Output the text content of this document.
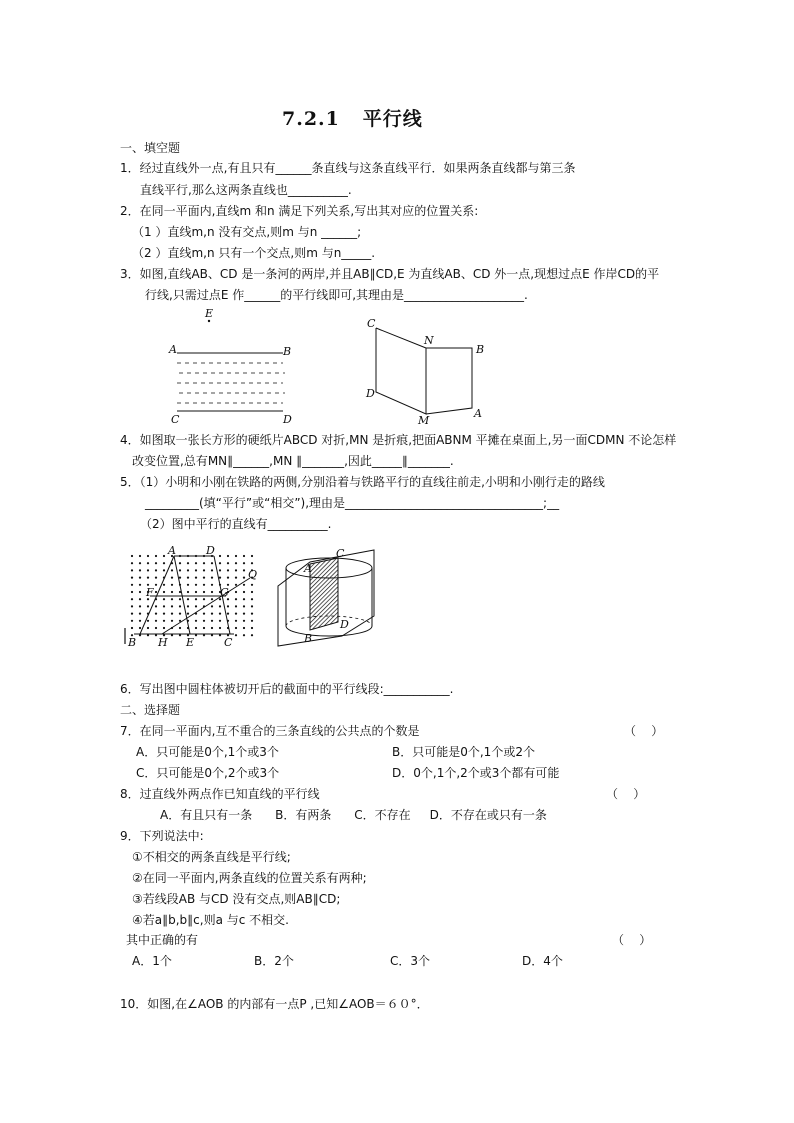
7.2.1   平行线
一、填空题
1．经过直线外一点,有且只有______条直线与这条直线平行．如果两条直线都与第三条
直线平行,那么这两条直线也__________.
2．在同一平面内,直线m 和n 满足下列关系,写出其对应的位置关系:
（1 ）直线m,n 没有交点,则m 与n ______;
（2 ）直线m,n 只有一个交点,则m 与n_____.
3．如图,直线AB、CD 是一条河的两岸,并且AB∥CD,E 为直线AB、CD 外一点,现想过点E 作岸CD的平
行线,只需过点E 作______的平行线即可,其理由是____________________.
E
A	B
C	D
C
N
B
D
M
A
4．如图取一张长方形的硬纸片ABCD 对折,MN 是折痕,把面ABNM 平摊在桌面上,另一面CDMN 不论怎样
改变位置,总有MN∥______,MN ∥_______,因此_____∥_______.
5．（1）小明和小刚在铁路的两侧,分别沿着与铁路平行的直线往前走,小明和小刚行走的路线
_________(填“平行”或“相交”),理由是_________________________________;__
（2）图中平行的直线有__________.
A	D
Q
F	G
B H E	C
A
C
B
D
6．写出图中圆柱体被切开后的截面中的平行线段:___________.
二、选择题
7．在同一平面内,互不重合的三条直线的公共点的个数是	（    ）
A．只可能是0个,1个或3个	B．只可能是0个,1个或2个
C．只可能是0个,2个或3个	D．0个,1个,2个或3个都有可能
8．过直线外两点作已知直线的平行线	（    ）
A．有且只有一条      B．有两条      C．不存在     D．不存在或只有一条
9．下列说法中:
①不相交的两条直线是平行线;
②在同一平面内,两条直线的位置关系有两种;
③若线段AB 与CD 没有交点,则AB∥CD;
④若a∥b,b∥c,则a 与c 不相交.
其中正确的有	（    ）
A．1个	B．2个	C．3个	D．4个
10．如图,在∠AOB 的内部有一点P ,已知∠AOB＝６０°．
